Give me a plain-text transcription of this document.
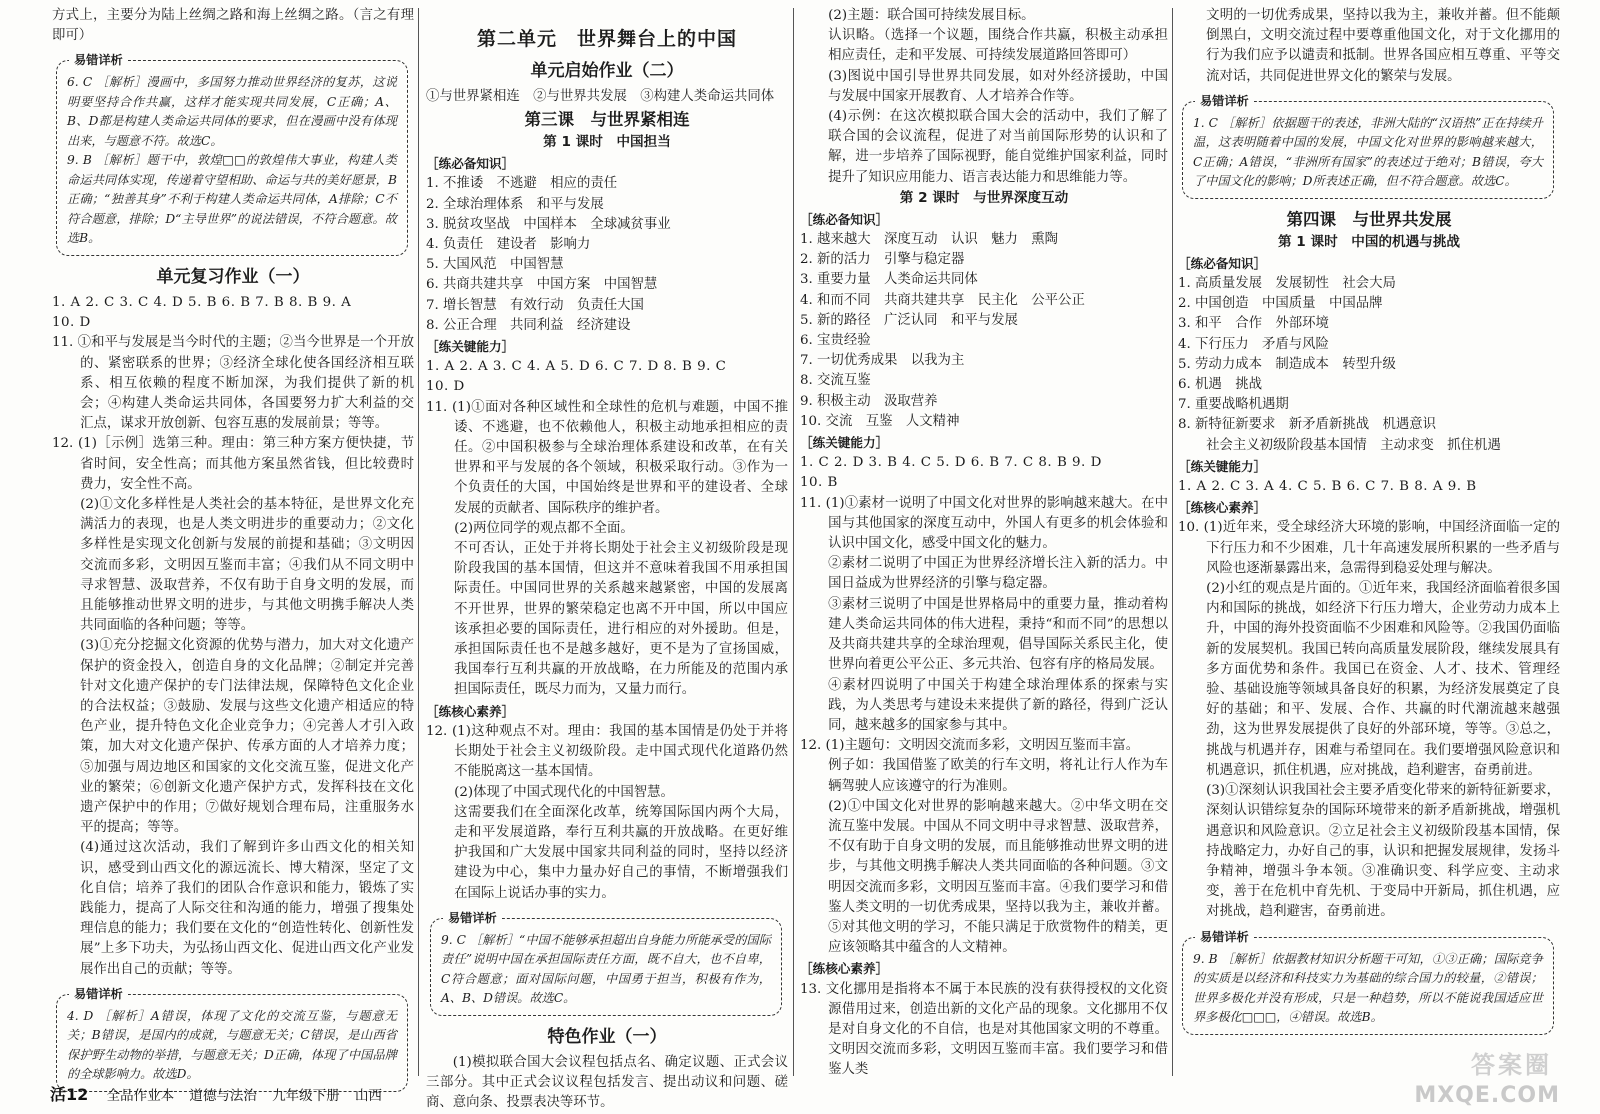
方式上，主要分为陆上丝绸之路和海上丝绸之路。（言之有理即可）

易错详析

6. C ［解析］漫画中，多国努力推动世界经济的复苏，这说明要坚持合作共赢，这样才能实现共同发展，C正确；A、B、D都是构建人类命运共同体的要求，但在漫画中没有体现出来，与题意不符。故选C。

9. B ［解析］题干中，敦煌□□的敦煌伟大事业，构建人类命运共同体实现，传递着守望相助、命运与共的美好愿景，B正确；“独善其身”不利于构建人类命运共同体，A排除；C不符合题意，排除；D“主导世界”的说法错误，不符合题意。故选B。

单元复习作业（一）

1. A 2. C 3. C 4. D 5. B 6. B 7. B 8. B 9. A

10. D

11. ①和平与发展是当今时代的主题；②当今世界是一个开放的、紧密联系的世界；③经济全球化使各国经济相互联系、相互依赖的程度不断加深，为我们提供了新的机会；④构建人类命运共同体，各国要努力扩大利益的交汇点，谋求开放创新、包容互惠的发展前景；等等。

12. (1)［示例］选第三种。理由：第三种方案方便快捷，节省时间，安全性高；而其他方案虽然省钱，但比较费时费力，安全性不高。

(2)①文化多样性是人类社会的基本特征，是世界文化充满活力的表现，也是人类文明进步的重要动力；②文化多样性是实现文化创新与发展的前提和基础；③文明因交流而多彩，文明因互鉴而丰富；④我们从不同文明中寻求智慧、汲取营养，不仅有助于自身文明的发展，而且能够推动世界文明的进步，与其他文明携手解决人类共同面临的各种问题；等等。

(3)①充分挖掘文化资源的优势与潜力，加大对文化遗产保护的资金投入，创造自身的文化品牌；②制定并完善针对文化遗产保护的专门法律法规，保障特色文化企业的合法权益；③鼓励、发展与这些文化遗产相适应的特色产业，提升特色文化企业竞争力；④完善人才引入政策，加大对文化遗产保护、传承方面的人才培养力度；⑤加强与周边地区和国家的文化交流互鉴，促进文化产业的繁荣；⑥创新文化遗产保护方式，发挥科技在文化遗产保护中的作用；⑦做好规划合理布局，注重服务水平的提高；等等。

(4)通过这次活动，我们了解到许多山西文化的相关知识，感受到山西文化的源远流长、博大精深，坚定了文化自信；培养了我们的团队合作意识和能力，锻炼了实践能力，提高了人际交往和沟通的能力，增强了搜集处理信息的能力；我们要在文化的“创造性转化、创新性发展”上多下功夫，为弘扬山西文化、促进山西文化产业发展作出自己的贡献；等等。

易错详析

4. D ［解析］A错误，体现了文化的交流互鉴，与题意无关；B错误，是国内的成就，与题意无关；C错误，是山西省保护野生动物的举措，与题意无关；D正确，体现了中国品牌的全球影响力。故选D。

第二单元　世界舞台上的中国
单元启始作业（二）

①与世界紧相连　②与世界共发展　③构建人类命运共同体

第三课　与世界紧相连
第 1 课时　中国担当
［练必备知识］

1. 不推诿　不逃避　相应的责任

2. 全球治理体系　和平与发展

3. 脱贫攻坚战　中国样本　全球减贫事业

4. 负责任　建设者　影响力

5. 大国风范　中国智慧

6. 共商共建共享　中国方案　中国智慧

7. 增长智慧　有效行动　负责任大国

8. 公正合理　共同利益　经济建设

［练关键能力］

1. A 2. A 3. C 4. A 5. D 6. C 7. D 8. B 9. C

10. D

11. (1)①面对各种区域性和全球性的危机与难题，中国不推诿、不逃避，也不依赖他人，积极主动地承担相应的责任。②中国积极参与全球治理体系建设和改革，在有关世界和平与发展的各个领域，积极采取行动。③作为一个负责任的大国，中国始终是世界和平的建设者、全球发展的贡献者、国际秩序的维护者。

(2)两位同学的观点都不全面。

不可否认，正处于并将长期处于社会主义初级阶段是现阶段我国的基本国情，但这并不意味着我国不用承担国际责任。中国同世界的关系越来越紧密，中国的发展离不开世界，世界的繁荣稳定也离不开中国，所以中国应该承担必要的国际责任，进行相应的对外援助。但是，承担国际责任也不是越多越好，更不是为了宣扬国威，我国奉行互利共赢的开放战略，在力所能及的范围内承担国际责任，既尽力而为，又量力而行。

［练核心素养］

12. (1)这种观点不对。理由：我国的基本国情是仍处于并将长期处于社会主义初级阶段。走中国式现代化道路仍然不能脱离这一基本国情。

(2)体现了中国式现代化的中国智慧。

这需要我们在全面深化改革，统筹国际国内两个大局，走和平发展道路，奉行互利共赢的开放战略。在更好维护我国和广大发展中国家共同利益的同时，坚持以经济建设为中心，集中力量办好自己的事情，不断增强我们在国际上说话办事的实力。

易错详析

9. C ［解析］“中国不能够承担超出自身能力所能承受的国际责任”说明中国在承担国际责任方面，既不自大，也不自卑，C符合题意；面对国际问题，中国勇于担当，积极有作为，A、B、D错误。故选C。

特色作业（一）

(1)模拟联合国大会议程包括点名、确定议题、正式会议三部分。其中正式会议议程包括发言、提出动议和问题、磋商、意向条、投票表决等环节。

(2)主题：联合国可持续发展目标。

认识略。（选择一个议题，围绕合作共赢，积极主动承担相应责任，走和平发展、可持续发展道路回答即可）

(3)图说中国引导世界共同发展，如对外经济援助，中国与发展中国家开展教育、人才培养合作等。

(4)示例：在这次模拟联合国大会的活动中，我们了解了联合国的会议流程，促进了对当前国际形势的认识和了解，进一步培养了国际视野，能自觉维护国家利益，同时提升了知识应用能力、语言表达能力和思维能力等。

第 2 课时　与世界深度互动
［练必备知识］

1. 越来越大　深度互动　认识　魅力　熏陶

2. 新的活力　引擎与稳定器

3. 重要力量　人类命运共同体

4. 和而不同　共商共建共享　民主化　公平公正

5. 新的路径　广泛认同　和平与发展

6. 宝贵经验

7. 一切优秀成果　以我为主

8. 交流互鉴

9. 积极主动　汲取营养

10. 交流　互鉴　人文精神

［练关键能力］

1. C 2. D 3. B 4. C 5. D 6. B 7. C 8. B 9. D

10. B

11. (1)①素材一说明了中国文化对世界的影响越来越大。在中国与其他国家的深度互动中，外国人有更多的机会体验和认识中国文化，感受中国文化的魅力。

②素材二说明了中国正为世界经济增长注入新的活力。中国日益成为世界经济的引擎与稳定器。

③素材三说明了中国是世界格局中的重要力量，推动着构建人类命运共同体的伟大进程，秉持“和而不同”的思想以及共商共建共享的全球治理观，倡导国际关系民主化，使世界向着更公平公正、多元共治、包容有序的格局发展。

④素材四说明了中国关于构建全球治理体系的探索与实践，为人类思考与建设未来提供了新的路径，得到广泛认同，越来越多的国家参与其中。

12. (1)主题句：文明因交流而多彩，文明因互鉴而丰富。

例子如：我国借鉴了欧美的行车文明，将礼让行人作为车辆驾驶人应该遵守的行为准则。

(2)①中国文化对世界的影响越来越大。②中华文明在交流互鉴中发展。中国从不同文明中寻求智慧、汲取营养，不仅有助于自身文明的发展，而且能够推动世界文明的进步，与其他文明携手解决人类共同面临的各种问题。③文明因交流而多彩，文明因互鉴而丰富。④我们要学习和借鉴人类文明的一切优秀成果，坚持以我为主，兼收并蓄。⑤对其他文明的学习，不能只满足于欣赏物件的精美，更应该领略其中蕴含的人文精神。

［练核心素养］

13. 文化挪用是指将本不属于本民族的没有获得授权的文化资源借用过来，创造出新的文化产品的现象。文化挪用不仅是对自身文化的不自信，也是对其他国家文明的不尊重。文明因交流而多彩，文明因互鉴而丰富。我们要学习和借鉴人类

文明的一切优秀成果，坚持以我为主，兼收并蓄。但不能颠倒黑白，文明交流过程中要尊重他国文化，对于文化挪用的行为我们应予以谴责和抵制。世界各国应相互尊重、平等交流对话，共同促进世界文化的繁荣与发展。

易错详析

1. C ［解析］依据题干的表述，非洲大陆的“汉语热”正在持续升温，这表明随着中国的发展，中国文化对世界的影响越来越大，C正确；A错误，“非洲所有国家”的表述过于绝对；B错误，夸大了中国文化的影响；D所表述正确，但不符合题意。故选C。

第四课　与世界共发展
第 1 课时　中国的机遇与挑战
［练必备知识］

1. 高质量发展　发展韧性　社会大局

2. 中国创造　中国质量　中国品牌

3. 和平　合作　外部环境

4. 下行压力　矛盾与风险

5. 劳动力成本　制造成本　转型升级

6. 机遇　挑战

7. 重要战略机遇期

8. 新特征新要求　新矛盾新挑战　机遇意识

社会主义初级阶段基本国情　主动求变　抓住机遇

［练关键能力］

1. A 2. C 3. A 4. C 5. B 6. C 7. B 8. A 9. B

［练核心素养］

10. (1)近年来，受全球经济大环境的影响，中国经济面临一定的下行压力和不少困难，几十年高速发展所积累的一些矛盾与风险也逐渐暴露出来，急需得到稳妥处理与解决。

(2)小红的观点是片面的。①近年来，我国经济面临着很多国内和国际的挑战，如经济下行压力增大，企业劳动力成本上升，中国的海外投资面临不少困难和风险等。②我国仍面临新的发展契机。我国已转向高质量发展阶段，继续发展具有多方面优势和条件。我国已在资金、人才、技术、管理经验、基础设施等领域具备良好的积累，为经济发展奠定了良好的基础；和平、发展、合作、共赢的时代潮流越来越强劲，这为世界发展提供了良好的外部环境，等等。③总之，挑战与机遇并存，困难与希望同在。我们要增强风险意识和机遇意识，抓住机遇，应对挑战，趋利避害，奋勇前进。

(3)①深刻认识我国社会主要矛盾变化带来的新特征新要求，深刻认识错综复杂的国际环境带来的新矛盾新挑战，增强机遇意识和风险意识。②立足社会主义初级阶段基本国情，保持战略定力，办好自己的事，认识和把握发展规律，发扬斗争精神，增强斗争本领。③准确识变、科学应变、主动求变，善于在危机中育先机、于变局中开新局，抓住机遇，应对挑战，趋利避害，奋勇前进。

易错详析

9. B ［解析］依据教材知识分析题干可知，①③正确；国际竞争的实质是以经济和科技实力为基础的综合国力的较量，②错误；世界多极化并没有形成，只是一种趋势，所以不能说我国适应世界多极化□□□，④错误。故选B。

活12 全品作业本 道德与法治 九年级下册 山西
答案圈
MXQE.COM
